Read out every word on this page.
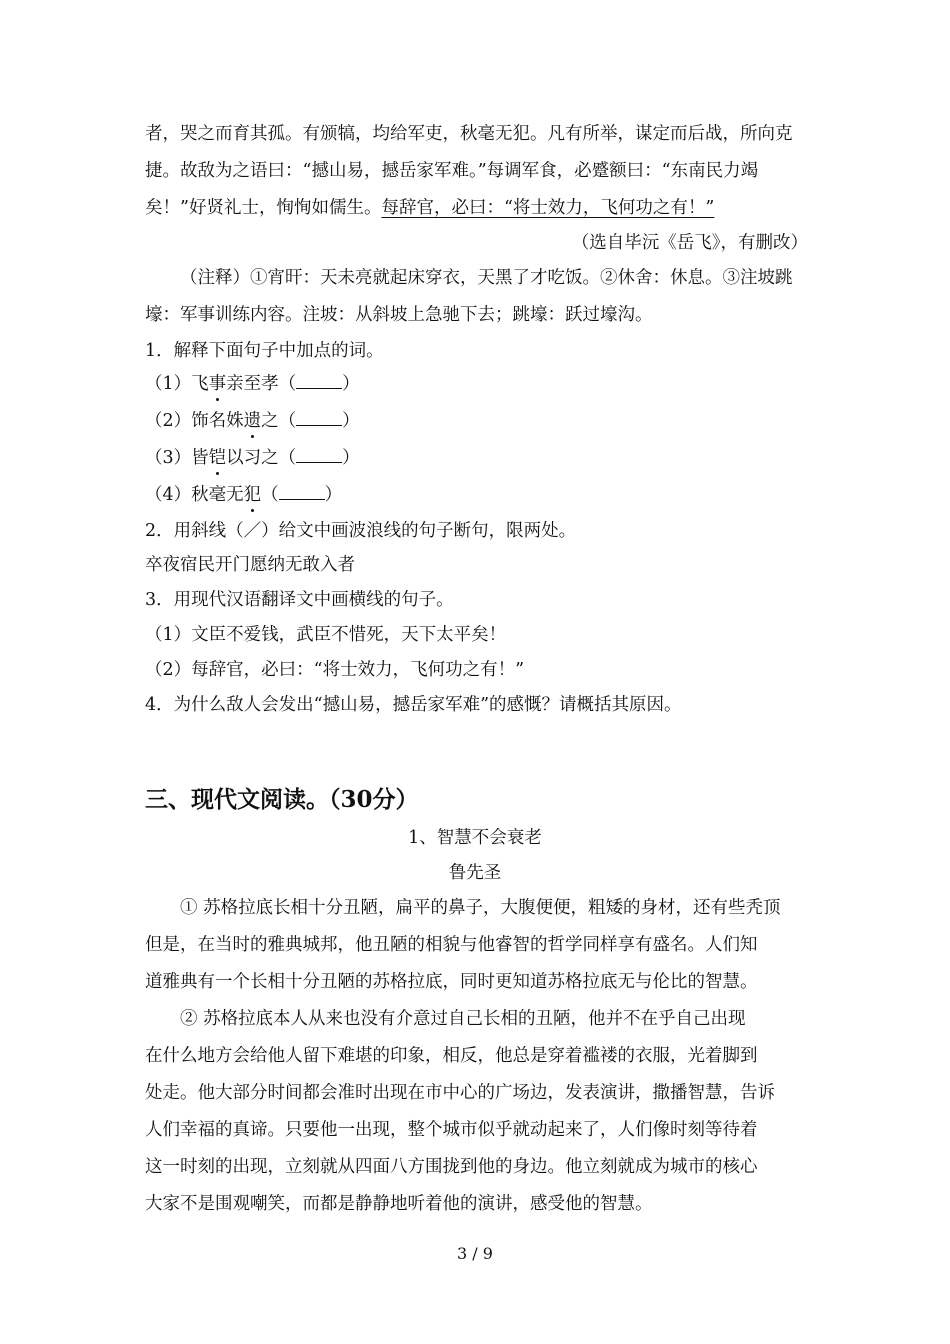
者，哭之而育其孤。有颁犒，均给军吏，秋毫无犯。凡有所举，谋定而后战，所向克
捷。故敌为之语曰：“撼山易，撼岳家军难。”每调军食，必蹙额曰：“东南民力竭
矣！”好贤礼士，恂恂如儒生。每辞官，必曰：“将士效力，飞何功之有！”
（选自毕沅《岳飞》，有删改）
（注释）①宵旰：天未亮就起床穿衣，天黑了才吃饭。②休舍：休息。③注坡跳
壕：军事训练内容。注坡：从斜坡上急驰下去；跳壕：跃过壕沟。
1．解释下面句子中加点的词。
（1）飞事亲至孝（	）
（2）饰名姝遗之（	）
（3）皆铠以习之（	）
（4）秋毫无犯（	）
2．用斜线（／）给文中画波浪线的句子断句，限两处。
卒夜宿民开门愿纳无敢入者
3．用现代汉语翻译文中画横线的句子。
（1）文臣不爱钱，武臣不惜死，天下太平矣！
（2）每辞官，必曰：“将士效力，飞何功之有！”
4．为什么敌人会发出“撼山易，撼岳家军难”的感慨？请概括其原因。
三、现代文阅读。（30分）
1、智慧不会衰老
鲁先圣
① 苏格拉底长相十分丑陋，扁平的鼻子，大腹便便，粗矮的身材，还有些秃顶
但是，在当时的雅典城邦，他丑陋的相貌与他睿智的哲学同样享有盛名。人们知
道雅典有一个长相十分丑陋的苏格拉底，同时更知道苏格拉底无与伦比的智慧。
② 苏格拉底本人从来也没有介意过自己长相的丑陋，他并不在乎自己出现
在什么地方会给他人留下难堪的印象，相反，他总是穿着褴褛的衣服，光着脚到
处走。他大部分时间都会准时出现在市中心的广场边，发表演讲，撒播智慧，告诉
人们幸福的真谛。只要他一出现，整个城市似乎就动起来了，人们像时刻等待着
这一时刻的出现，立刻就从四面八方围拢到他的身边。他立刻就成为城市的核心
大家不是围观嘲笑，而都是静静地听着他的演讲，感受他的智慧。
3 / 9
